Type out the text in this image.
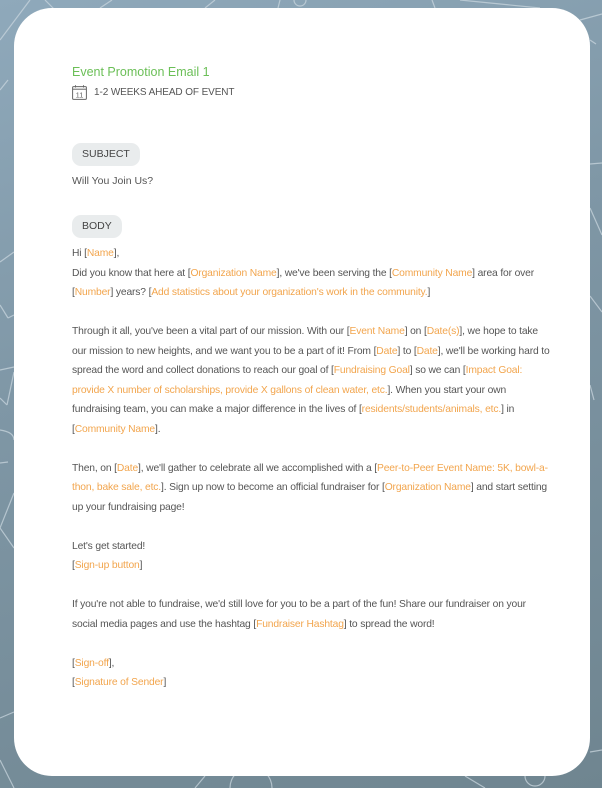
Event Promotion Email 1
11 1-2 WEEKS AHEAD OF EVENT
SUBJECT
Will You Join Us?
BODY

Hi [Name],

Did you know that here at [Organization Name], we've been serving the [Community Name] area for over [Number] years? [Add statistics about your organization's work in the community.]

Through it all, you've been a vital part of our mission. With our [Event Name] on [Date(s)], we hope to take our mission to new heights, and we want you to be a part of it! From [Date] to [Date], we'll be working hard to spread the word and collect donations to reach our goal of [Fundraising Goal] so we can [Impact Goal: provide X number of scholarships, provide X gallons of clean water, etc.]. When you start your own fundraising team, you can make a major difference in the lives of [residents/students/animals, etc.] in [Community Name].

Then, on [Date], we'll gather to celebrate all we accomplished with a [Peer-to-Peer Event Name: 5K, bowl-a-thon, bake sale, etc.]. Sign up now to become an official fundraiser for [Organization Name] and start setting up your fundraising page!

Let's get started!

[Sign-up button]

If you're not able to fundraise, we'd still love for you to be a part of the fun! Share our fundraiser on your social media pages and use the hashtag [Fundraiser Hashtag] to spread the word!

[Sign-off],

[Signature of Sender]
